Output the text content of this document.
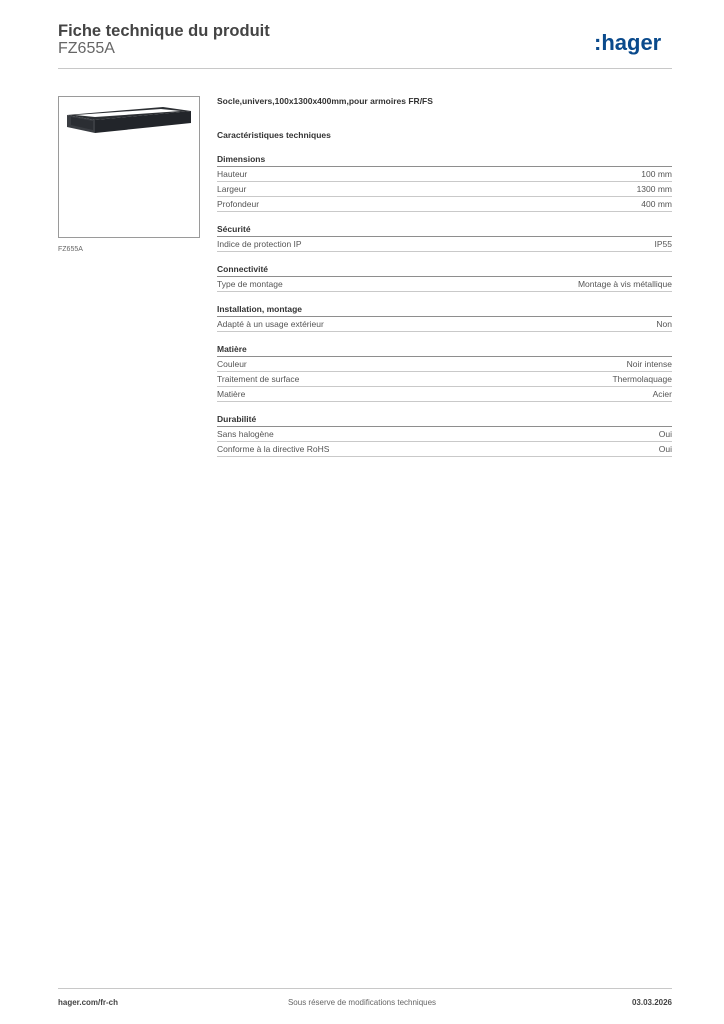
Fiche technique du produit
FZ655A	:hager
FZ655A
Socle,univers,100x1300x400mm,pour armoires FR/FS
Caractéristiques techniques
Dimensions
Hauteur	100 mm
Largeur	1300 mm
Profondeur	400 mm
Sécurité
Indice de protection IP	IP55
Connectivité
Type de montage	Montage à vis métallique
Installation, montage
Adapté à un usage extérieur	Non
Matière
Couleur	Noir intense
Traitement de surface	Thermolaquage
Matière	Acier
Durabilité
Sans halogène	Oui
Conforme à la directive RoHS	Oui
hager.com/fr-ch	Sous réserve de modifications techniques	03.03.2026
